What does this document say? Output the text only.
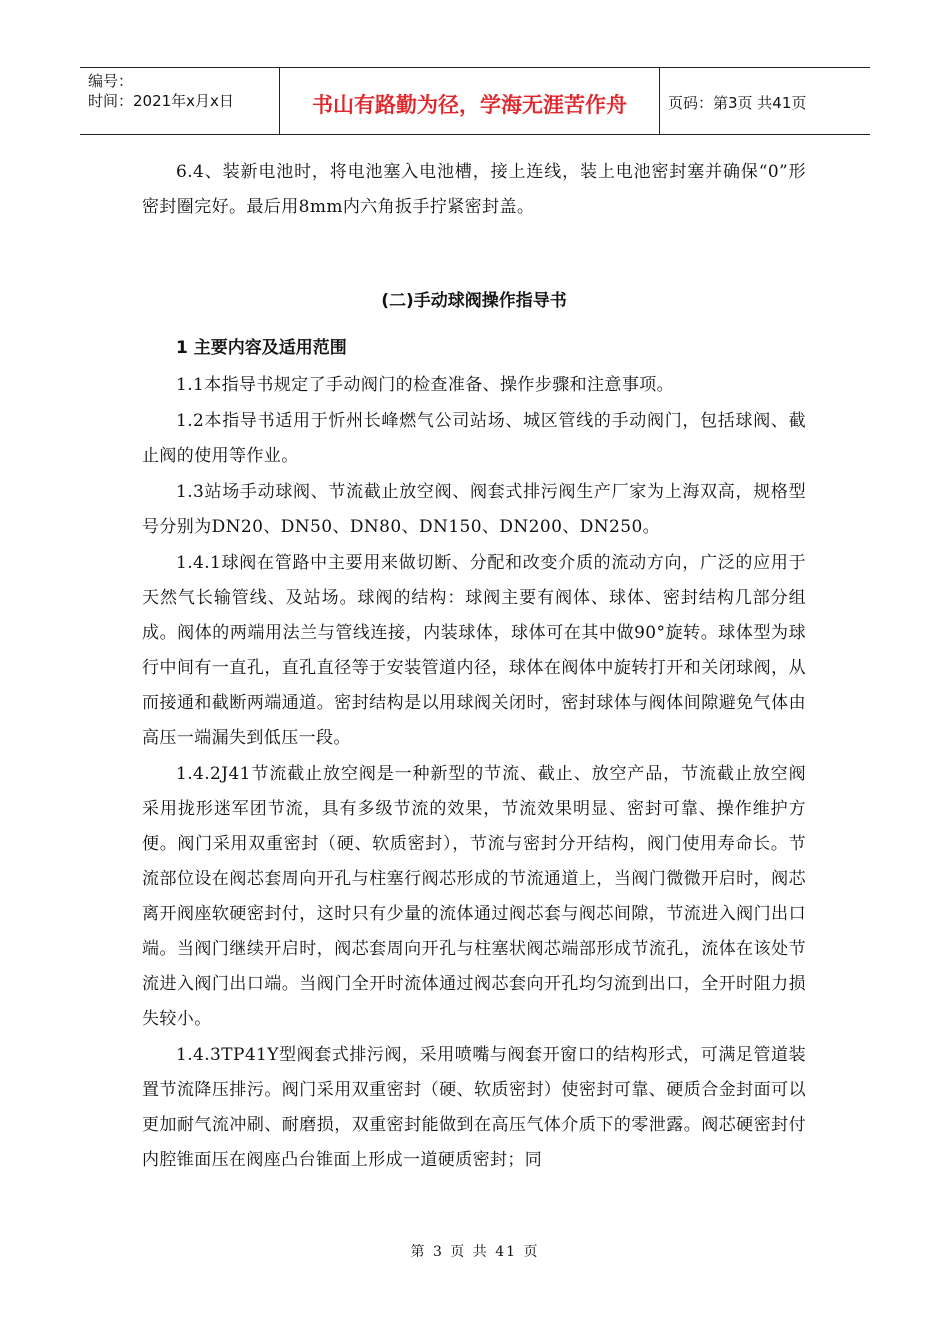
编号：
时间：2021年x月x日	书山有路勤为径，学海无涯苦作舟	页码：第3页 共41页

6.4、装新电池时，将电池塞入电池槽，接上连线，装上电池密封塞并确保“0”形密封圈完好。最后用8mm内六角扳手拧紧密封盖。

(二)手动球阀操作指导书
1 主要内容及适用范围

1.1本指导书规定了手动阀门的检查准备、操作步骤和注意事项。

1.2本指导书适用于忻州长峰燃气公司站场、城区管线的手动阀门，包括球阀、截止阀的使用等作业。

1.3站场手动球阀、节流截止放空阀、阀套式排污阀生产厂家为上海双高，规格型号分别为DN20、DN50、DN80、DN150、DN200、DN250。

1.4.1球阀在管路中主要用来做切断、分配和改变介质的流动方向，广泛的应用于天然气长输管线、及站场。球阀的结构：球阀主要有阀体、球体、密封结构几部分组成。阀体的两端用法兰与管线连接，内装球体，球体可在其中做90°旋转。球体型为球行中间有一直孔，直孔直径等于安装管道内径，球体在阀体中旋转打开和关闭球阀，从而接通和截断两端通道。密封结构是以用球阀关闭时，密封球体与阀体间隙避免气体由高压一端漏失到低压一段。

1.4.2J41节流截止放空阀是一种新型的节流、截止、放空产品，节流截止放空阀采用拢形迷军团节流，具有多级节流的效果，节流效果明显、密封可靠、操作维护方便。阀门采用双重密封（硬、软质密封），节流与密封分开结构，阀门使用寿命长。节流部位设在阀芯套周向开孔与柱塞行阀芯形成的节流通道上，当阀门微微开启时，阀芯离开阀座软硬密封付，这时只有少量的流体通过阀芯套与阀芯间隙，节流进入阀门出口端。当阀门继续开启时，阀芯套周向开孔与柱塞状阀芯端部形成节流孔，流体在该处节流进入阀门出口端。当阀门全开时流体通过阀芯套向开孔均匀流到出口，全开时阻力损失较小。

1.4.3TP41Y型阀套式排污阀，采用喷嘴与阀套开窗口的结构形式，可满足管道装置节流降压排污。阀门采用双重密封（硬、软质密封）使密封可靠、硬质合金封面可以更加耐气流冲刷、耐磨损，双重密封能做到在高压气体介质下的零泄露。阀芯硬密封付内腔锥面压在阀座凸台锥面上形成一道硬质密封；同

第 3 页 共 41 页
